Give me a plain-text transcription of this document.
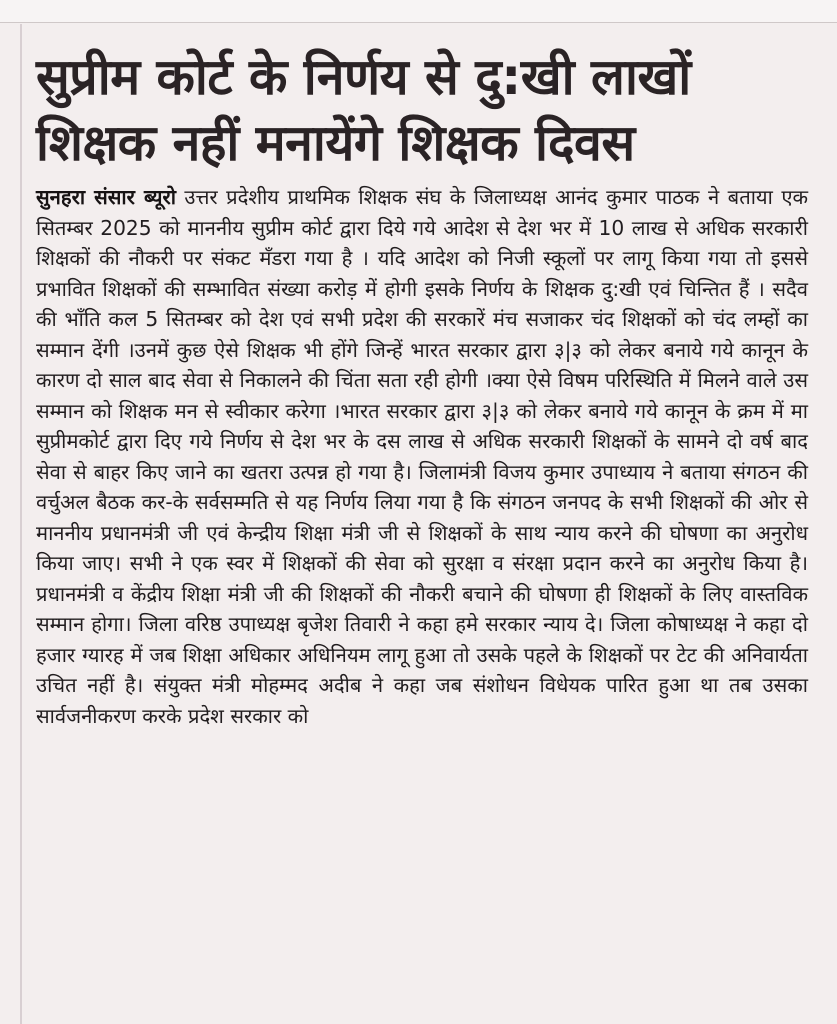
सुप्रीम कोर्ट के निर्णय से दु:खी लाखों
शिक्षक नहीं मनायेंगे शिक्षक दिवस

सुनहरा संसार ब्यूरो उत्तर प्रदेशीय प्राथमिक शिक्षक संघ के जिलाध्यक्ष आनंद कुमार पाठक ने बताया एक सितम्बर 2025 को माननीय सुप्रीम कोर्ट द्वारा दिये गये आदेश से देश भर में 10 लाख से अधिक सरकारी शिक्षकों की नौकरी पर संकट मँडरा गया है । यदि आदेश को निजी स्कूलों पर लागू किया गया तो इससे प्रभावित शिक्षकों की सम्भावित संख्या करोड़ में होगी इसके निर्णय के शिक्षक दु:खी एवं चिन्तित हैं । सदैव की भाँति कल 5 सितम्बर को देश एवं सभी प्रदेश की सरकारें मंच सजाकर चंद शिक्षकों को चंद लम्हों का सम्मान देंगी ।उनमें कुछ ऐसे शिक्षक भी होंगे जिन्हें भारत सरकार द्वारा ३|३ को लेकर बनाये गये कानून के कारण दो साल बाद सेवा से निकालने की चिंता सता रही होगी ।क्या ऐसे विषम परिस्थिति में मिलने वाले उस सम्मान को शिक्षक मन से स्वीकार करेगा ।भारत सरकार द्वारा ३|३ को लेकर बनाये गये कानून के क्रम में मा सुप्रीमकोर्ट द्वारा दिए गये निर्णय से देश भर के दस लाख से अधिक सरकारी शिक्षकों के सामने दो वर्ष बाद सेवा से बाहर किए जाने का खतरा उत्पन्न हो गया है। जिलामंत्री विजय कुमार उपाध्याय ने बताया संगठन की वर्चुअल बैठक कर-के सर्वसम्मति से यह निर्णय लिया गया है कि संगठन जनपद के सभी शिक्षकों की ओर से माननीय प्रधानमंत्री जी एवं केन्द्रीय शिक्षा मंत्री जी से शिक्षकों के साथ न्याय करने की घोषणा का अनुरोध किया जाए। सभी ने एक स्वर में शिक्षकों की सेवा को सुरक्षा व संरक्षा प्रदान करने का अनुरोध किया है। प्रधानमंत्री व केंद्रीय शिक्षा मंत्री जी की शिक्षकों की नौकरी बचाने की घोषणा ही शिक्षकों के लिए वास्तविक सम्मान होगा। जिला वरिष्ठ उपाध्यक्ष बृजेश तिवारी ने कहा हमे सरकार न्याय दे। जिला कोषाध्यक्ष ने कहा दो हजार ग्यारह में जब शिक्षा अधिकार अधिनियम लागू हुआ तो उसके पहले के शिक्षकों पर टेट की अनिवार्यता उचित नहीं है। संयुक्त मंत्री मोहम्मद अदीब ने कहा जब संशोधन विधेयक पारित हुआ था तब उसका सार्वजनीकरण करके प्रदेश सरकार को
